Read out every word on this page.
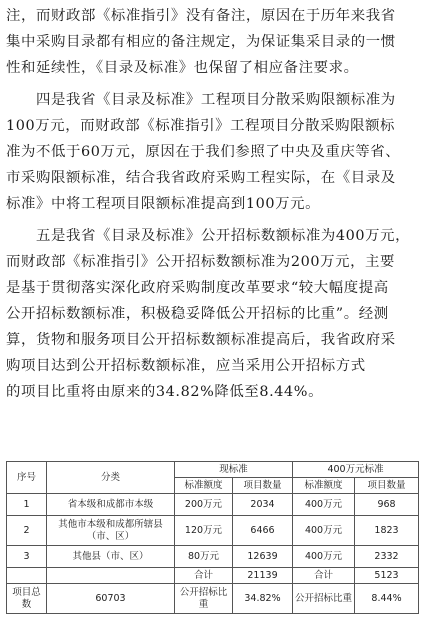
注，而财政部《标准指引》没有备注，原因在于历年来我省

集中采购目录都有相应的备注规定，为保证集采目录的一惯

性和延续性，《目录及标准》也保留了相应备注要求。

四是我省《目录及标准》工程项目分散采购限额标准为

100万元，而财政部《标准指引》工程项目分散采购限额标

准为不低于60万元，原因在于我们参照了中央及重庆等省、

市采购限额标准，结合我省政府采购工程实际，在《目录及

标准》中将工程项目限额标准提高到100万元。

五是我省《目录及标准》公开招标数额标准为400万元，

而财政部《标准指引》公开招标数额标准为200万元，主要

是基于贯彻落实深化政府采购制度改革要求“较大幅度提高

公开招标数额标准，积极稳妥降低公开招标的比重”。经测

算，货物和服务项目公开招标数额标准提高后，我省政府采

购项目达到公开招标数额标准，应当采用公开招标方式

的项目比重将由原来的34.82%降低至8.44%。

序号	分类	现标准		400万元标准	
		标准额度	项目数量	标准额度	项目数量
1	省本级和成都市本级	200万元	2034	400万元	968
2	其他市本级和成都所辖县（市、区）	120万元	6466	400万元	1823
3	其他县（市、区）	80万元	12639	400万元	2332
		合计	21139	合计	5123
项目总数	60703	公开招标比重	34.82%	公开招标比重	8.44%
